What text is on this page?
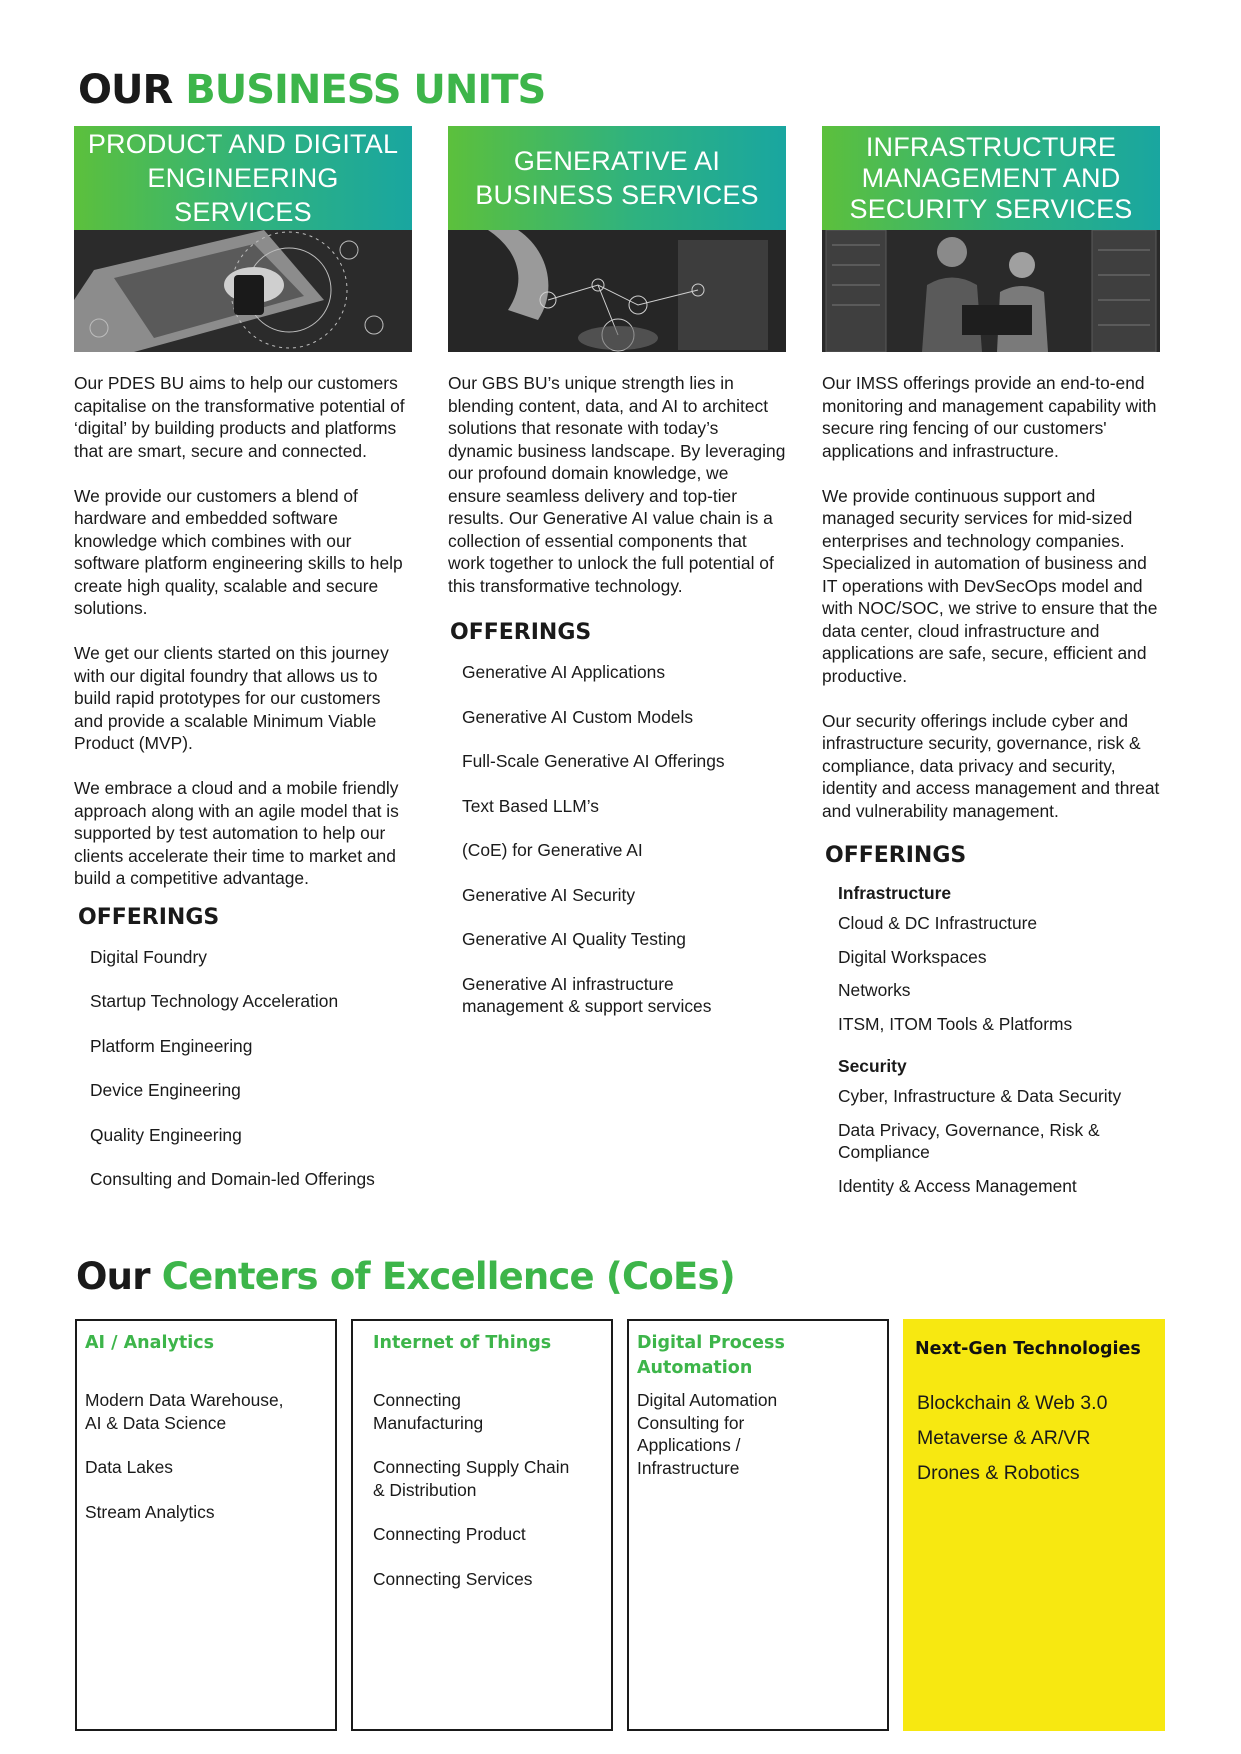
OUR BUSINESS UNITS
PRODUCT AND DIGITAL ENGINEERING SERVICES

Our PDES BU aims to help our customers capitalise on the transformative potential of ‘digital’ by building products and platforms that are smart, secure and connected.

We provide our customers a blend of hardware and embedded software knowledge which combines with our software platform engineering skills to help create high quality, scalable and secure solutions.

We get our clients started on this journey with our digital foundry that allows us to build rapid prototypes for our customers and provide a scalable Minimum Viable Product (MVP).

We embrace a cloud and a mobile friendly approach along with an agile model that is supported by test automation to help our clients accelerate their time to market and build a competitive advantage.

OFFERINGS
Digital Foundry
Startup Technology Acceleration
Platform Engineering
Device Engineering
Quality Engineering
Consulting and Domain-led Offerings
GENERATIVE AI BUSINESS SERVICES

Our GBS BU’s unique strength lies in blending content, data, and AI to architect solutions that resonate with today’s dynamic business landscape. By leveraging our profound domain knowledge, we ensure seamless delivery and top-tier results. Our Generative AI value chain is a collection of essential components that work together to unlock the full potential of this transformative technology.

OFFERINGS
Generative AI Applications
Generative AI Custom Models
Full-Scale Generative AI Offerings
Text Based LLM’s
(CoE) for Generative AI
Generative AI Security
Generative AI Quality Testing
Generative AI infrastructure management & support services
INFRASTRUCTURE MANAGEMENT AND SECURITY SERVICES

Our IMSS offerings provide an end-to-end monitoring and management capability with secure ring fencing of our customers' applications and infrastructure.

We provide continuous support and managed security services for mid-sized enterprises and technology companies. Specialized in automation of business and IT operations with DevSecOps model and with NOC/SOC, we strive to ensure that the data center, cloud infrastructure and applications are safe, secure, efficient and productive.

Our security offerings include cyber and infrastructure security, governance, risk & compliance, data privacy and security, identity and access management and threat and vulnerability management.

OFFERINGS
Infrastructure
Cloud & DC Infrastructure
Digital Workspaces
Networks
ITSM, ITOM Tools & Platforms
Security
Cyber, Infrastructure & Data Security
Data Privacy, Governance, Risk & Compliance
Identity & Access Management
Our Centers of Excellence (CoEs)
AI / Analytics
Modern Data Warehouse, AI & Data Science
Data Lakes
Stream Analytics
Internet of Things
Connecting Manufacturing
Connecting Supply Chain & Distribution
Connecting Product
Connecting Services
Digital Process Automation
Digital Automation Consulting for Applications / Infrastructure
Next-Gen Technologies
Blockchain & Web 3.0
Metaverse & AR/VR
Drones & Robotics
